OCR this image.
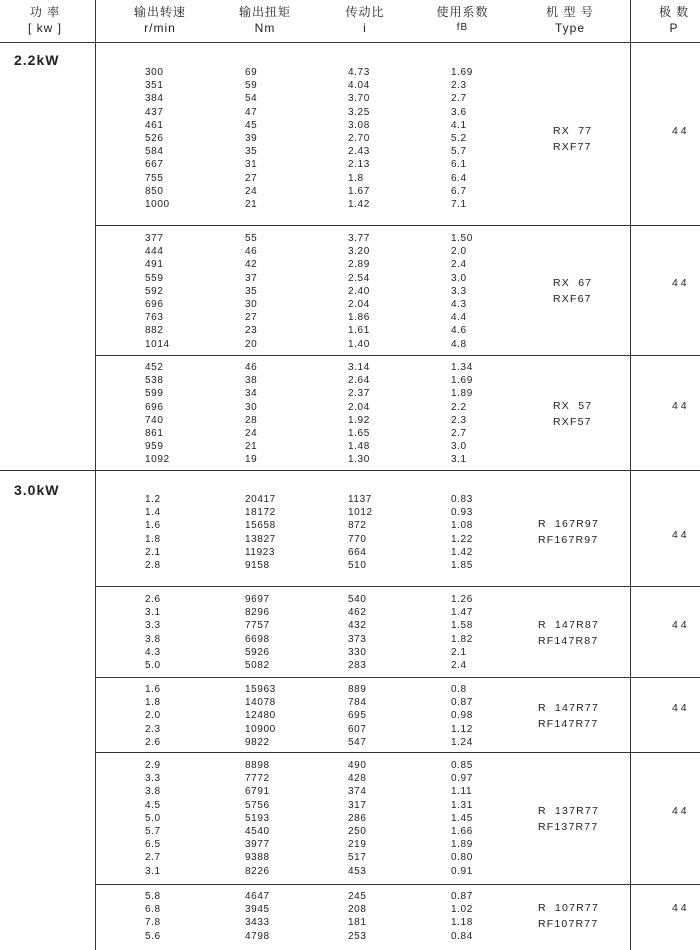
功 率
[ kw ]
输出转速
r/min
输出扭矩
Nm
传动比
i
使用系数
fB
机 型 号
Type
极 数
P
2.2kW
3.0kW
300
351
384
437
461
526
584
667
755
850
1000
69
59
54
47
45
39
35
31
27
24
21
4.73
4.04
3.70
3.25
3.08
2.70
2.43
2.13
1.8
1.67
1.42
1.69
2.3
2.7
3.6
4.1
5.2
5.7
6.1
6.4
6.7
7.1
RX  77
RXF77
4 4
377
444
491
559
592
696
763
882
1014
55
46
42
37
35
30
27
23
20
3.77
3.20
2.89
2.54
2.40
2.04
1.86
1.61
1.40
1.50
2.0
2.4
3.0
3.3
4.3
4.4
4.6
4.8
RX  67
RXF67
4 4
452
538
599
696
740
861
959
1092
46
38
34
30
28
24
21
19
3.14
2.64
2.37
2.04
1.92
1.65
1.48
1.30
1.34
1.69
1.89
2.2
2.3
2.7
3.0
3.1
RX  57
RXF57
4 4
1.2
1.4
1.6
1.8
2.1
2.8
20417
18172
15658
13827
11923
9158
1137
1012
872
770
664
510
0.83
0.93
1.08
1.22
1.42
1.85
R  167R97
RF167R97	4 4
2.6
3.1
3.3
3.8
4.3
5.0
9697
8296
7757
6698
5926
5082
540
462
432
373
330
283
1.26
1.47
1.58
1.82
2.1
2.4
R  147R87
RF147R87
4 4
1.6
1.8
2.0
2.3
2.6
15963
14078
12480
10900
9822
889
784
695
607
547
0.8
0.87
0.98
1.12
1.24
R  147R77
RF147R77
4 4
2.9
3.3
3.8
4.5
5.0
5.7
6.5
2.7
3.1
8898
7772
6791
5756
5193
4540
3977
9388
8226
490
428
374
317
286
250
219
517
453
0.85
0.97
1.11
1.31
1.45
1.66
1.89
0.80
0.91
R  137R77
RF137R77
4 4
5.8
6.8
7.8
5.6
4647
3945
3433
4798
245
208
181
253
0.87
1.02
1.18
0.84
R  107R77
RF107R77
4 4
